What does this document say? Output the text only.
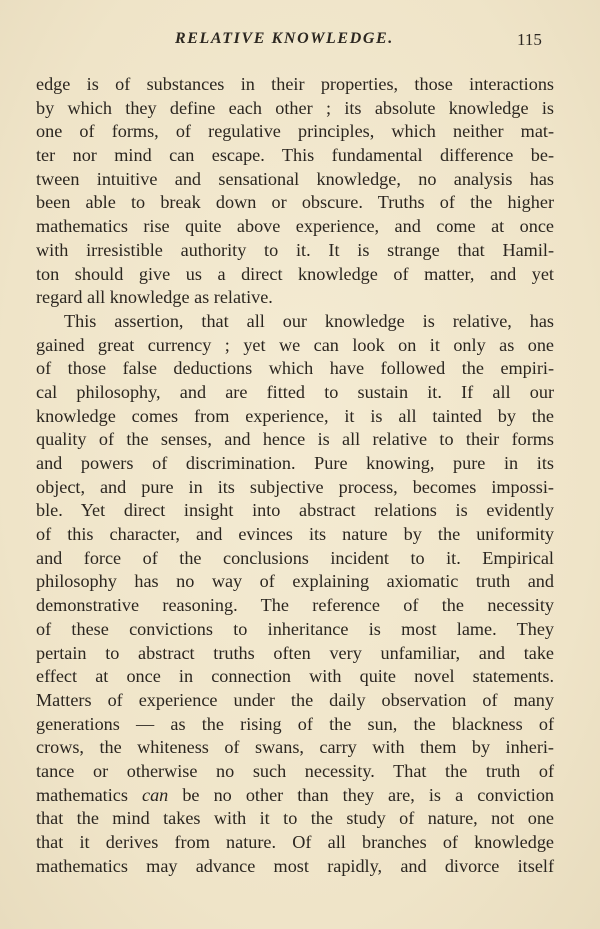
RELATIVE KNOWLEDGE.	115
edge is of substances in their properties, those interactions
by which they define each other ; its absolute knowledge is
one of forms, of regulative principles, which neither mat-
ter nor mind can escape. This fundamental difference be-
tween intuitive and sensational knowledge, no analysis has
been able to break down or obscure. Truths of the higher
mathematics rise quite above experience, and come at once
with irresistible authority to it. It is strange that Hamil-
ton should give us a direct knowledge of matter, and yet
regard all knowledge as relative.
This assertion, that all our knowledge is relative, has
gained great currency ; yet we can look on it only as one
of those false deductions which have followed the empiri-
cal philosophy, and are fitted to sustain it. If all our
knowledge comes from experience, it is all tainted by the
quality of the senses, and hence is all relative to their forms
and powers of discrimination. Pure knowing, pure in its
object, and pure in its subjective process, becomes impossi-
ble. Yet direct insight into abstract relations is evidently
of this character, and evinces its nature by the uniformity
and force of the conclusions incident to it. Empirical
philosophy has no way of explaining axiomatic truth and
demonstrative reasoning. The reference of the necessity
of these convictions to inheritance is most lame. They
pertain to abstract truths often very unfamiliar, and take
effect at once in connection with quite novel statements.
Matters of experience under the daily observation of many
generations — as the rising of the sun, the blackness of
crows, the whiteness of swans, carry with them by inheri-
tance or otherwise no such necessity. That the truth of
mathematics can be no other than they are, is a conviction
that the mind takes with it to the study of nature, not one
that it derives from nature. Of all branches of knowledge
mathematics may advance most rapidly, and divorce itself
